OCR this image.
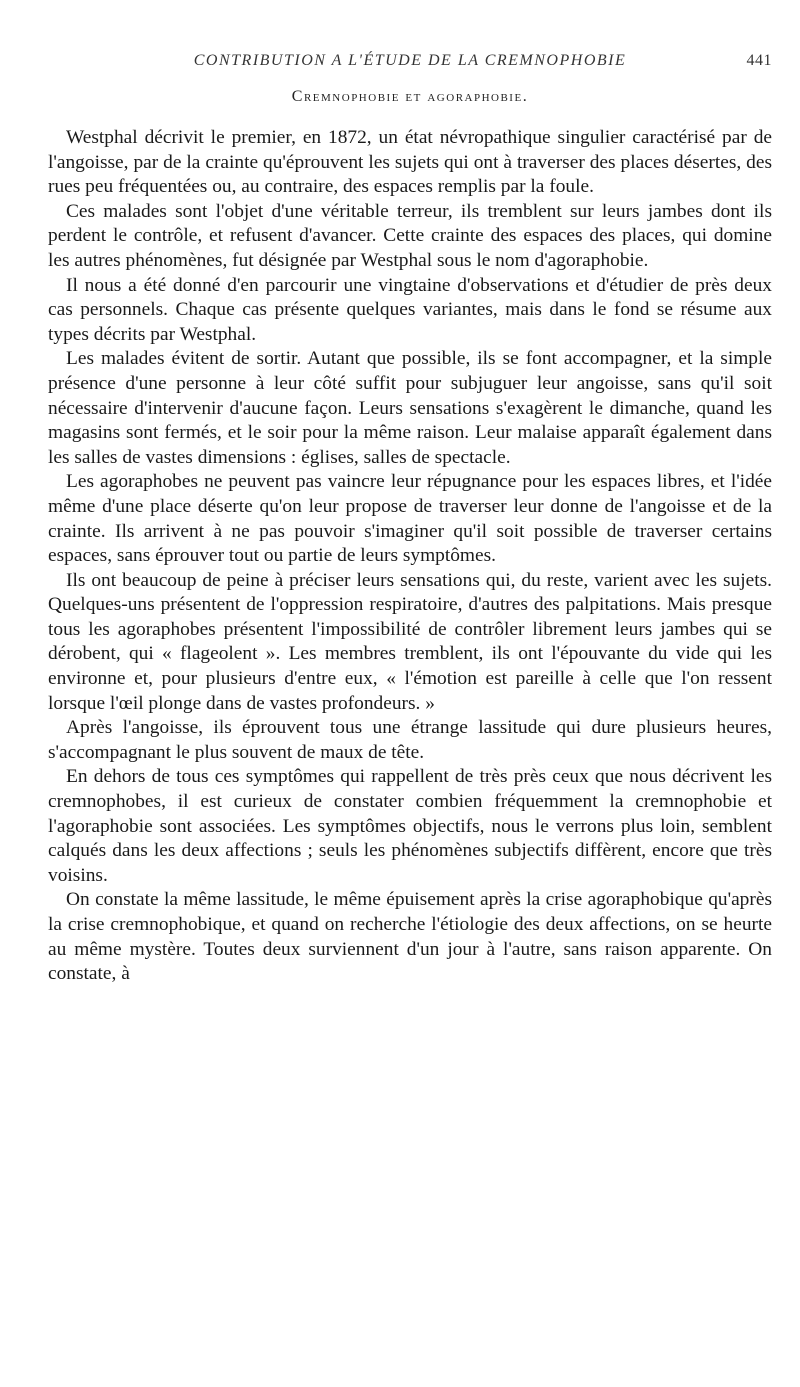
CONTRIBUTION A L'ÉTUDE DE LA CREMNOPHOBIE	441
Cremnophobie et agoraphobie.

Westphal décrivit le premier, en 1872, un état névropathique singulier caractérisé par de l'angoisse, par de la crainte qu'éprouvent les sujets qui ont à traverser des places désertes, des rues peu fréquentées ou, au contraire, des espaces remplis par la foule.

Ces malades sont l'objet d'une véritable terreur, ils tremblent sur leurs jambes dont ils perdent le contrôle, et refusent d'avancer. Cette crainte des espaces des places, qui domine les autres phénomènes, fut désignée par Westphal sous le nom d'agoraphobie.

Il nous a été donné d'en parcourir une vingtaine d'observations et d'étudier de près deux cas personnels. Chaque cas présente quelques variantes, mais dans le fond se résume aux types décrits par Westphal.

Les malades évitent de sortir. Autant que possible, ils se font accompagner, et la simple présence d'une personne à leur côté suffit pour subjuguer leur angoisse, sans qu'il soit nécessaire d'intervenir d'aucune façon. Leurs sensations s'exagèrent le dimanche, quand les magasins sont fermés, et le soir pour la même raison. Leur malaise apparaît également dans les salles de vastes dimensions : églises, salles de spectacle.

Les agoraphobes ne peuvent pas vaincre leur répugnance pour les espaces libres, et l'idée même d'une place déserte qu'on leur propose de traverser leur donne de l'angoisse et de la crainte. Ils arrivent à ne pas pouvoir s'imaginer qu'il soit possible de traverser certains espaces, sans éprouver tout ou partie de leurs symptômes.

Ils ont beaucoup de peine à préciser leurs sensations qui, du reste, varient avec les sujets. Quelques-uns présentent de l'oppression respiratoire, d'autres des palpitations. Mais presque tous les agoraphobes présentent l'impossibilité de contrôler librement leurs jambes qui se dérobent, qui « flageolent ». Les membres tremblent, ils ont l'épouvante du vide qui les environne et, pour plusieurs d'entre eux, « l'émotion est pareille à celle que l'on ressent lorsque l'œil plonge dans de vastes profondeurs. »

Après l'angoisse, ils éprouvent tous une étrange lassitude qui dure plusieurs heures, s'accompagnant le plus souvent de maux de tête.

En dehors de tous ces symptômes qui rappellent de très près ceux que nous décrivent les cremnophobes, il est curieux de constater combien fréquemment la cremnophobie et l'agoraphobie sont associées. Les symptômes objectifs, nous le verrons plus loin, semblent calqués dans les deux affections ; seuls les phénomènes subjectifs diffèrent, encore que très voisins.

On constate la même lassitude, le même épuisement après la crise agoraphobique qu'après la crise cremnophobique, et quand on recherche l'étiologie des deux affections, on se heurte au même mystère. Toutes deux surviennent d'un jour à l'autre, sans raison apparente. On constate, à
